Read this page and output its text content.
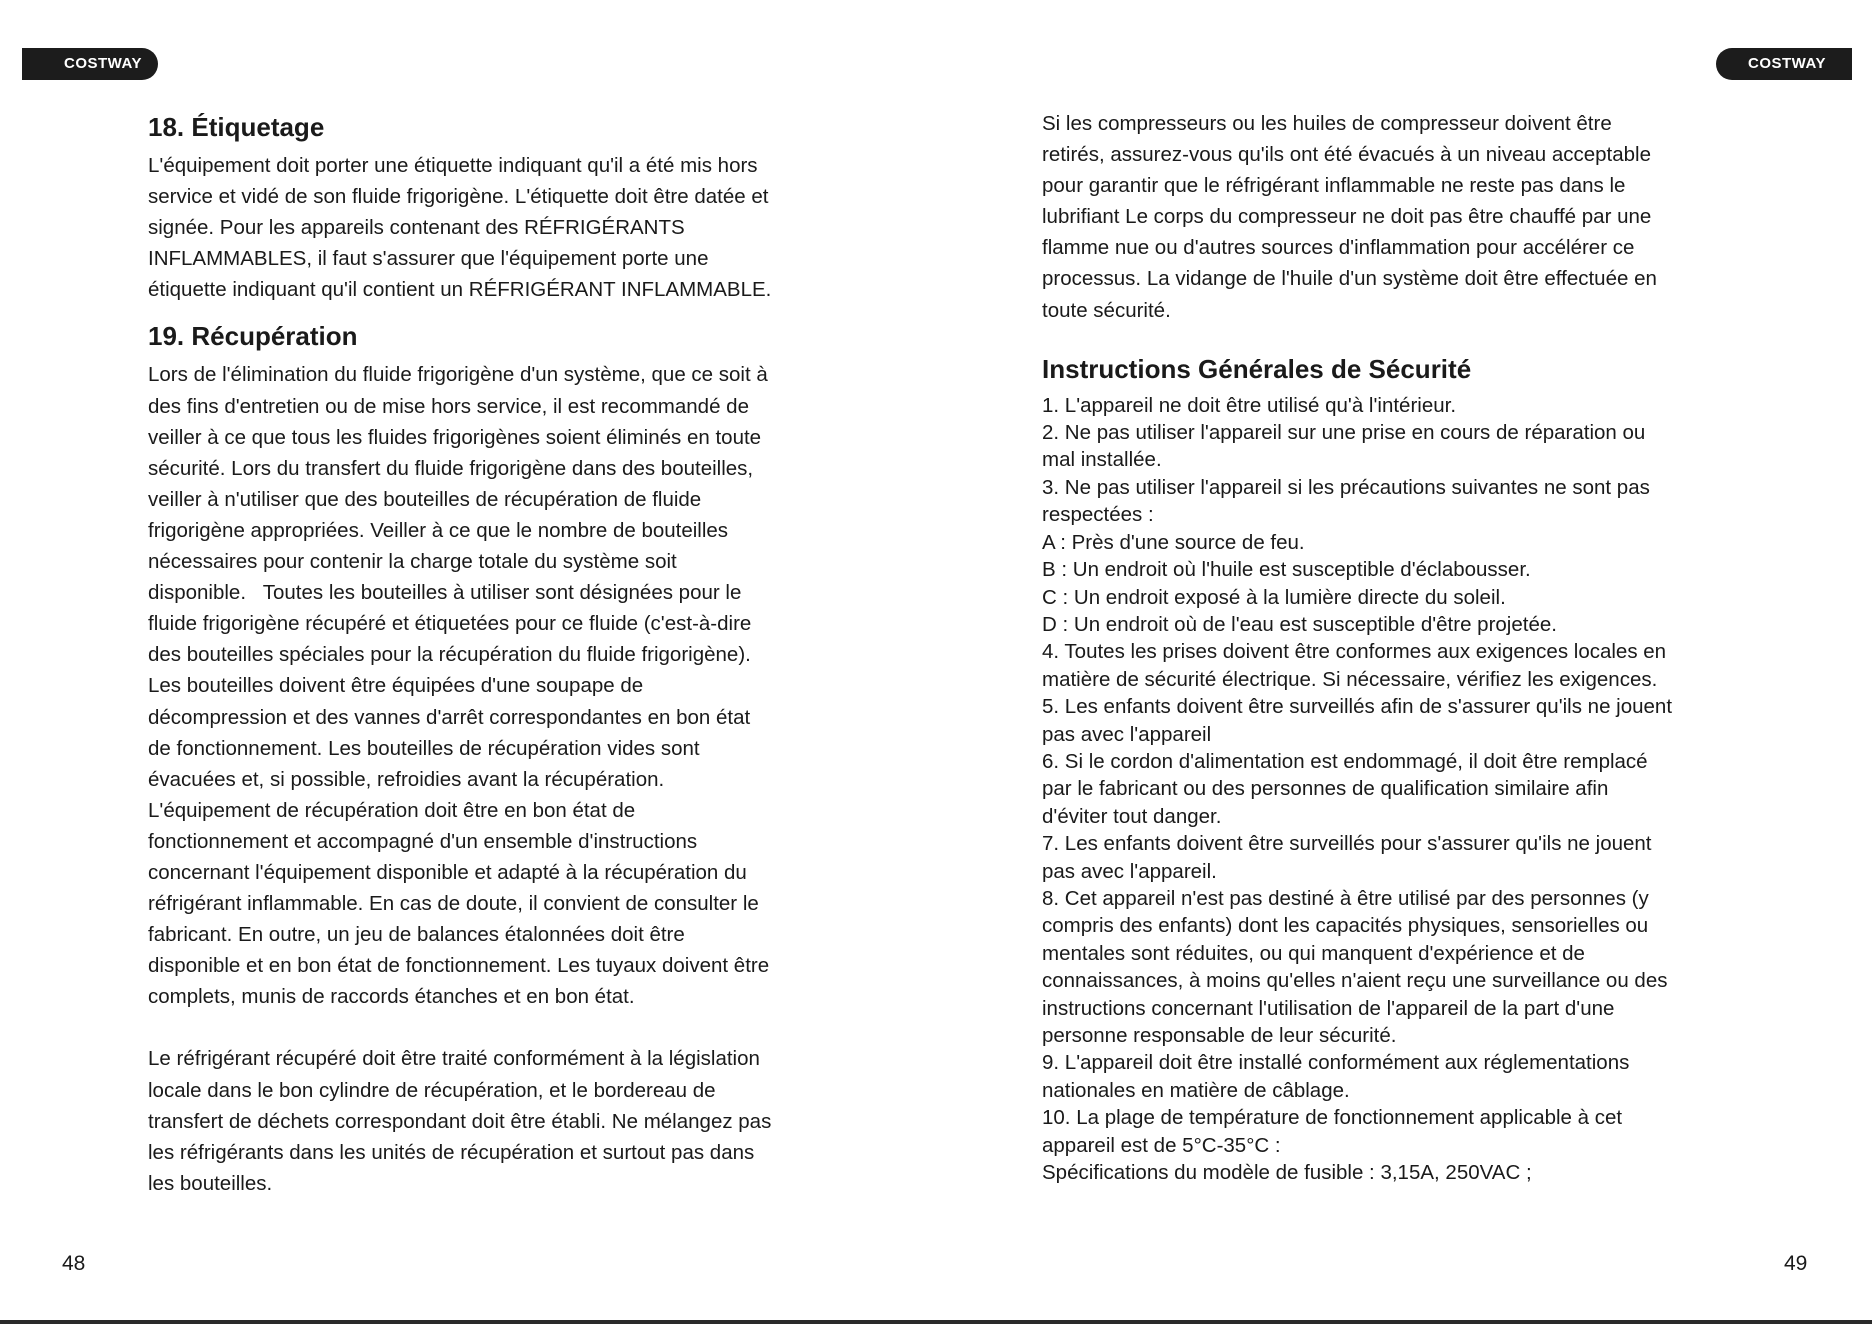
COSTWAY
18. Étiquetage
L'équipement doit porter une étiquette indiquant qu'il a été mis hors
service et vidé de son fluide frigorigène. L'étiquette doit être datée et
signée. Pour les appareils contenant des RÉFRIGÉRANTS
INFLAMMABLES, il faut s'assurer que l'équipement porte une
étiquette indiquant qu'il contient un RÉFRIGÉRANT INFLAMMABLE.
19. Récupération
Lors de l'élimination du fluide frigorigène d'un système, que ce soit à
des fins d'entretien ou de mise hors service, il est recommandé de
veiller à ce que tous les fluides frigorigènes soient éliminés en toute
sécurité. Lors du transfert du fluide frigorigène dans des bouteilles,
veiller à n'utiliser que des bouteilles de récupération de fluide
frigorigène appropriées. Veiller à ce que le nombre de bouteilles
nécessaires pour contenir la charge totale du système soit
disponible.   Toutes les bouteilles à utiliser sont désignées pour le
fluide frigorigène récupéré et étiquetées pour ce fluide (c'est-à-dire
des bouteilles spéciales pour la récupération du fluide frigorigène).
Les bouteilles doivent être équipées d'une soupape de
décompression et des vannes d'arrêt correspondantes en bon état
de fonctionnement. Les bouteilles de récupération vides sont
évacuées et, si possible, refroidies avant la récupération.
L'équipement de récupération doit être en bon état de
fonctionnement et accompagné d'un ensemble d'instructions
concernant l'équipement disponible et adapté à la récupération du
réfrigérant inflammable. En cas de doute, il convient de consulter le
fabricant. En outre, un jeu de balances étalonnées doit être
disponible et en bon état de fonctionnement. Les tuyaux doivent être
complets, munis de raccords étanches et en bon état.
Le réfrigérant récupéré doit être traité conformément à la législation
locale dans le bon cylindre de récupération, et le bordereau de
transfert de déchets correspondant doit être établi. Ne mélangez pas
les réfrigérants dans les unités de récupération et surtout pas dans
les bouteilles.
48
COSTWAY
Si les compresseurs ou les huiles de compresseur doivent être
retirés, assurez-vous qu'ils ont été évacués à un niveau acceptable
pour garantir que le réfrigérant inflammable ne reste pas dans le
lubrifiant Le corps du compresseur ne doit pas être chauffé par une
flamme nue ou d'autres sources d'inflammation pour accélérer ce
processus. La vidange de l'huile d'un système doit être effectuée en
toute sécurité.
Instructions Générales de Sécurité
1. L'appareil ne doit être utilisé qu'à l'intérieur.
2. Ne pas utiliser l'appareil sur une prise en cours de réparation ou
mal installée.
3. Ne pas utiliser l'appareil si les précautions suivantes ne sont pas
respectées :
A : Près d'une source de feu.
B : Un endroit où l'huile est susceptible d'éclabousser.
C : Un endroit exposé à la lumière directe du soleil.
D : Un endroit où de l'eau est susceptible d'être projetée.
4. Toutes les prises doivent être conformes aux exigences locales en
matière de sécurité électrique. Si nécessaire, vérifiez les exigences.
5. Les enfants doivent être surveillés afin de s'assurer qu'ils ne jouent
pas avec l'appareil
6. Si le cordon d'alimentation est endommagé, il doit être remplacé
par le fabricant ou des personnes de qualification similaire afin
d'éviter tout danger.
7. Les enfants doivent être surveillés pour s'assurer qu'ils ne jouent
pas avec l'appareil.
8. Cet appareil n'est pas destiné à être utilisé par des personnes (y
compris des enfants) dont les capacités physiques, sensorielles ou
mentales sont réduites, ou qui manquent d'expérience et de
connaissances, à moins qu'elles n'aient reçu une surveillance ou des
instructions concernant l'utilisation de l'appareil de la part d'une
personne responsable de leur sécurité.
9. L'appareil doit être installé conformément aux réglementations
nationales en matière de câblage.
10. La plage de température de fonctionnement applicable à cet
appareil est de 5°C-35°C :
Spécifications du modèle de fusible : 3,15A, 250VAC ;
49
